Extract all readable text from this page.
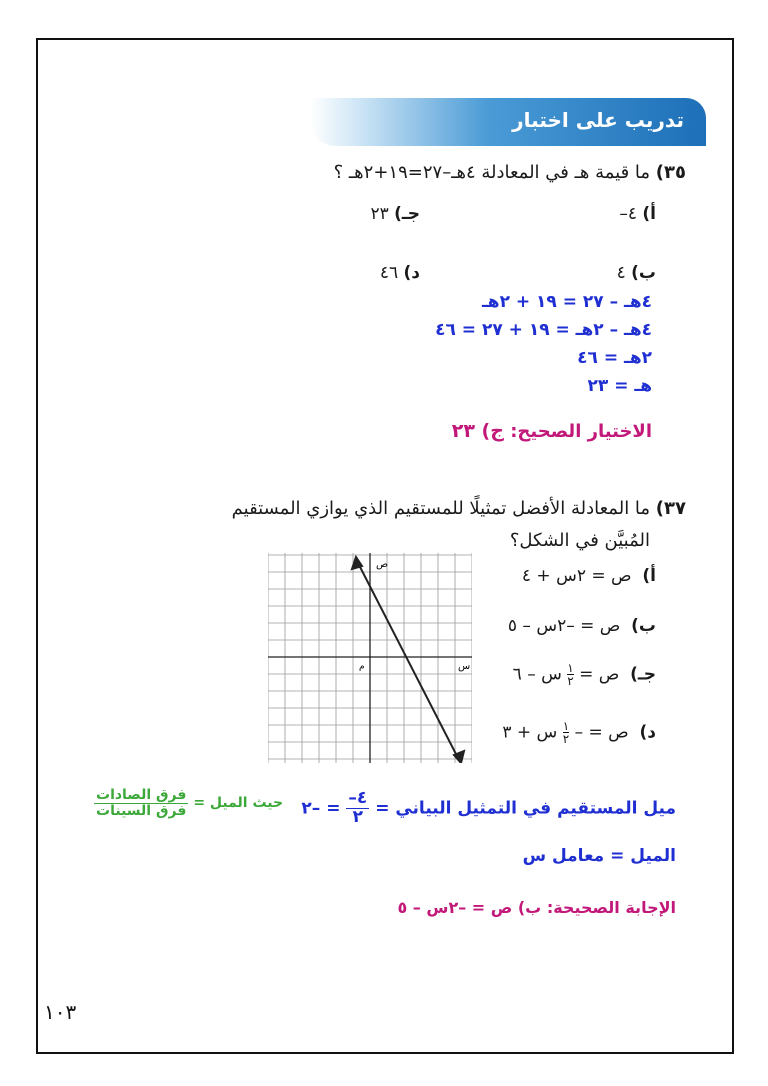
تدريب على اختبار
٣٥) ما قيمة هـ في المعادلة ٤هـ–٢٧=١٩+٢هـ ؟
أ) ٤–
جـ) ٢٣
ب) ٤
د) ٤٦
٤هـ – ٢٧ = ١٩ + ٢هـ
٤هـ – ٢هـ = ١٩ + ٢٧ = ٤٦
٢هـ = ٤٦
هـ = ٢٣
الاختيار الصحيح: ج) ٢٣
٣٧) ما المعادلة الأفضل تمثيلًا للمستقيم الذي يوازي المستقيم
المُبيَّن في الشكل؟
أ)  ص = ٢س + ٤
ب)  ص = –٢س – ٥
جـ)  ص =
١
٢
س – ٦
د)  ص = –
١
٢
س + ٣
ص
س
م
ميل المستقيم في التمثيل البياني =
$\frac{٤-}{٢}$
= –٢
حيث الميل =
$\frac{\text{فرق الصادات}}{\text{فرق السينات}}$
الميل = معامل س
الإجابة الصحيحة: ب) ص = –٢س – ٥
١٠٣
